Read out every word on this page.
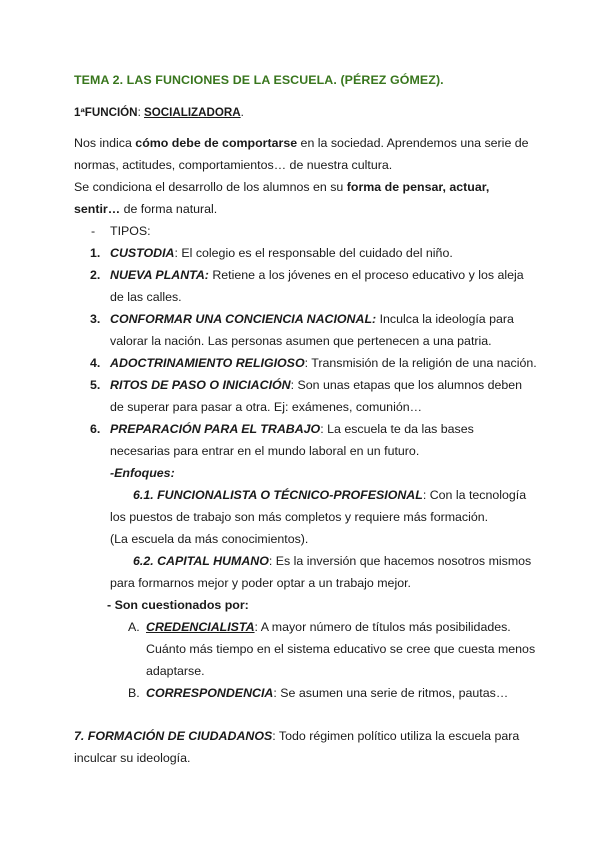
TEMA 2. LAS FUNCIONES DE LA ESCUELA. (PÉREZ GÓMEZ).
1ªFUNCIÓN: SOCIALIZADORA.
Nos indica cómo debe de comportarse en la sociedad. Aprendemos una serie de
normas, actitudes, comportamientos… de nuestra cultura.
Se condiciona el desarrollo de los alumnos en su forma de pensar, actuar,
sentir… de forma natural.
- TIPOS:
1. CUSTODIA: El colegio es el responsable del cuidado del niño.
2. NUEVA PLANTA: Retiene a los jóvenes en el proceso educativo y los aleja
de las calles.
3. CONFORMAR UNA CONCIENCIA NACIONAL: Inculca la ideología para
valorar la nación. Las personas asumen que pertenecen a una patria.
4. ADOCTRINAMIENTO RELIGIOSO: Transmisión de la religión de una nación.
5. RITOS DE PASO O INICIACIÓN: Son unas etapas que los alumnos deben
de superar para pasar a otra. Ej: exámenes, comunión…
6. PREPARACIÓN PARA EL TRABAJO: La escuela te da las bases
necesarias para entrar en el mundo laboral en un futuro.
-Enfoques:
6.1. FUNCIONALISTA O TÉCNICO-PROFESIONAL: Con la tecnología
los puestos de trabajo son más completos y requiere más formación.
(La escuela da más conocimientos).
6.2. CAPITAL HUMANO: Es la inversión que hacemos nosotros mismos
para formarnos mejor y poder optar a un trabajo mejor.
- Son cuestionados por:
A. CREDENCIALISTA: A mayor número de títulos más posibilidades.
Cuánto más tiempo en el sistema educativo se cree que cuesta menos
adaptarse.
B. CORRESPONDENCIA: Se asumen una serie de ritmos, pautas…
7. FORMACIÓN DE CIUDADANOS: Todo régimen político utiliza la escuela para
inculcar su ideología.
